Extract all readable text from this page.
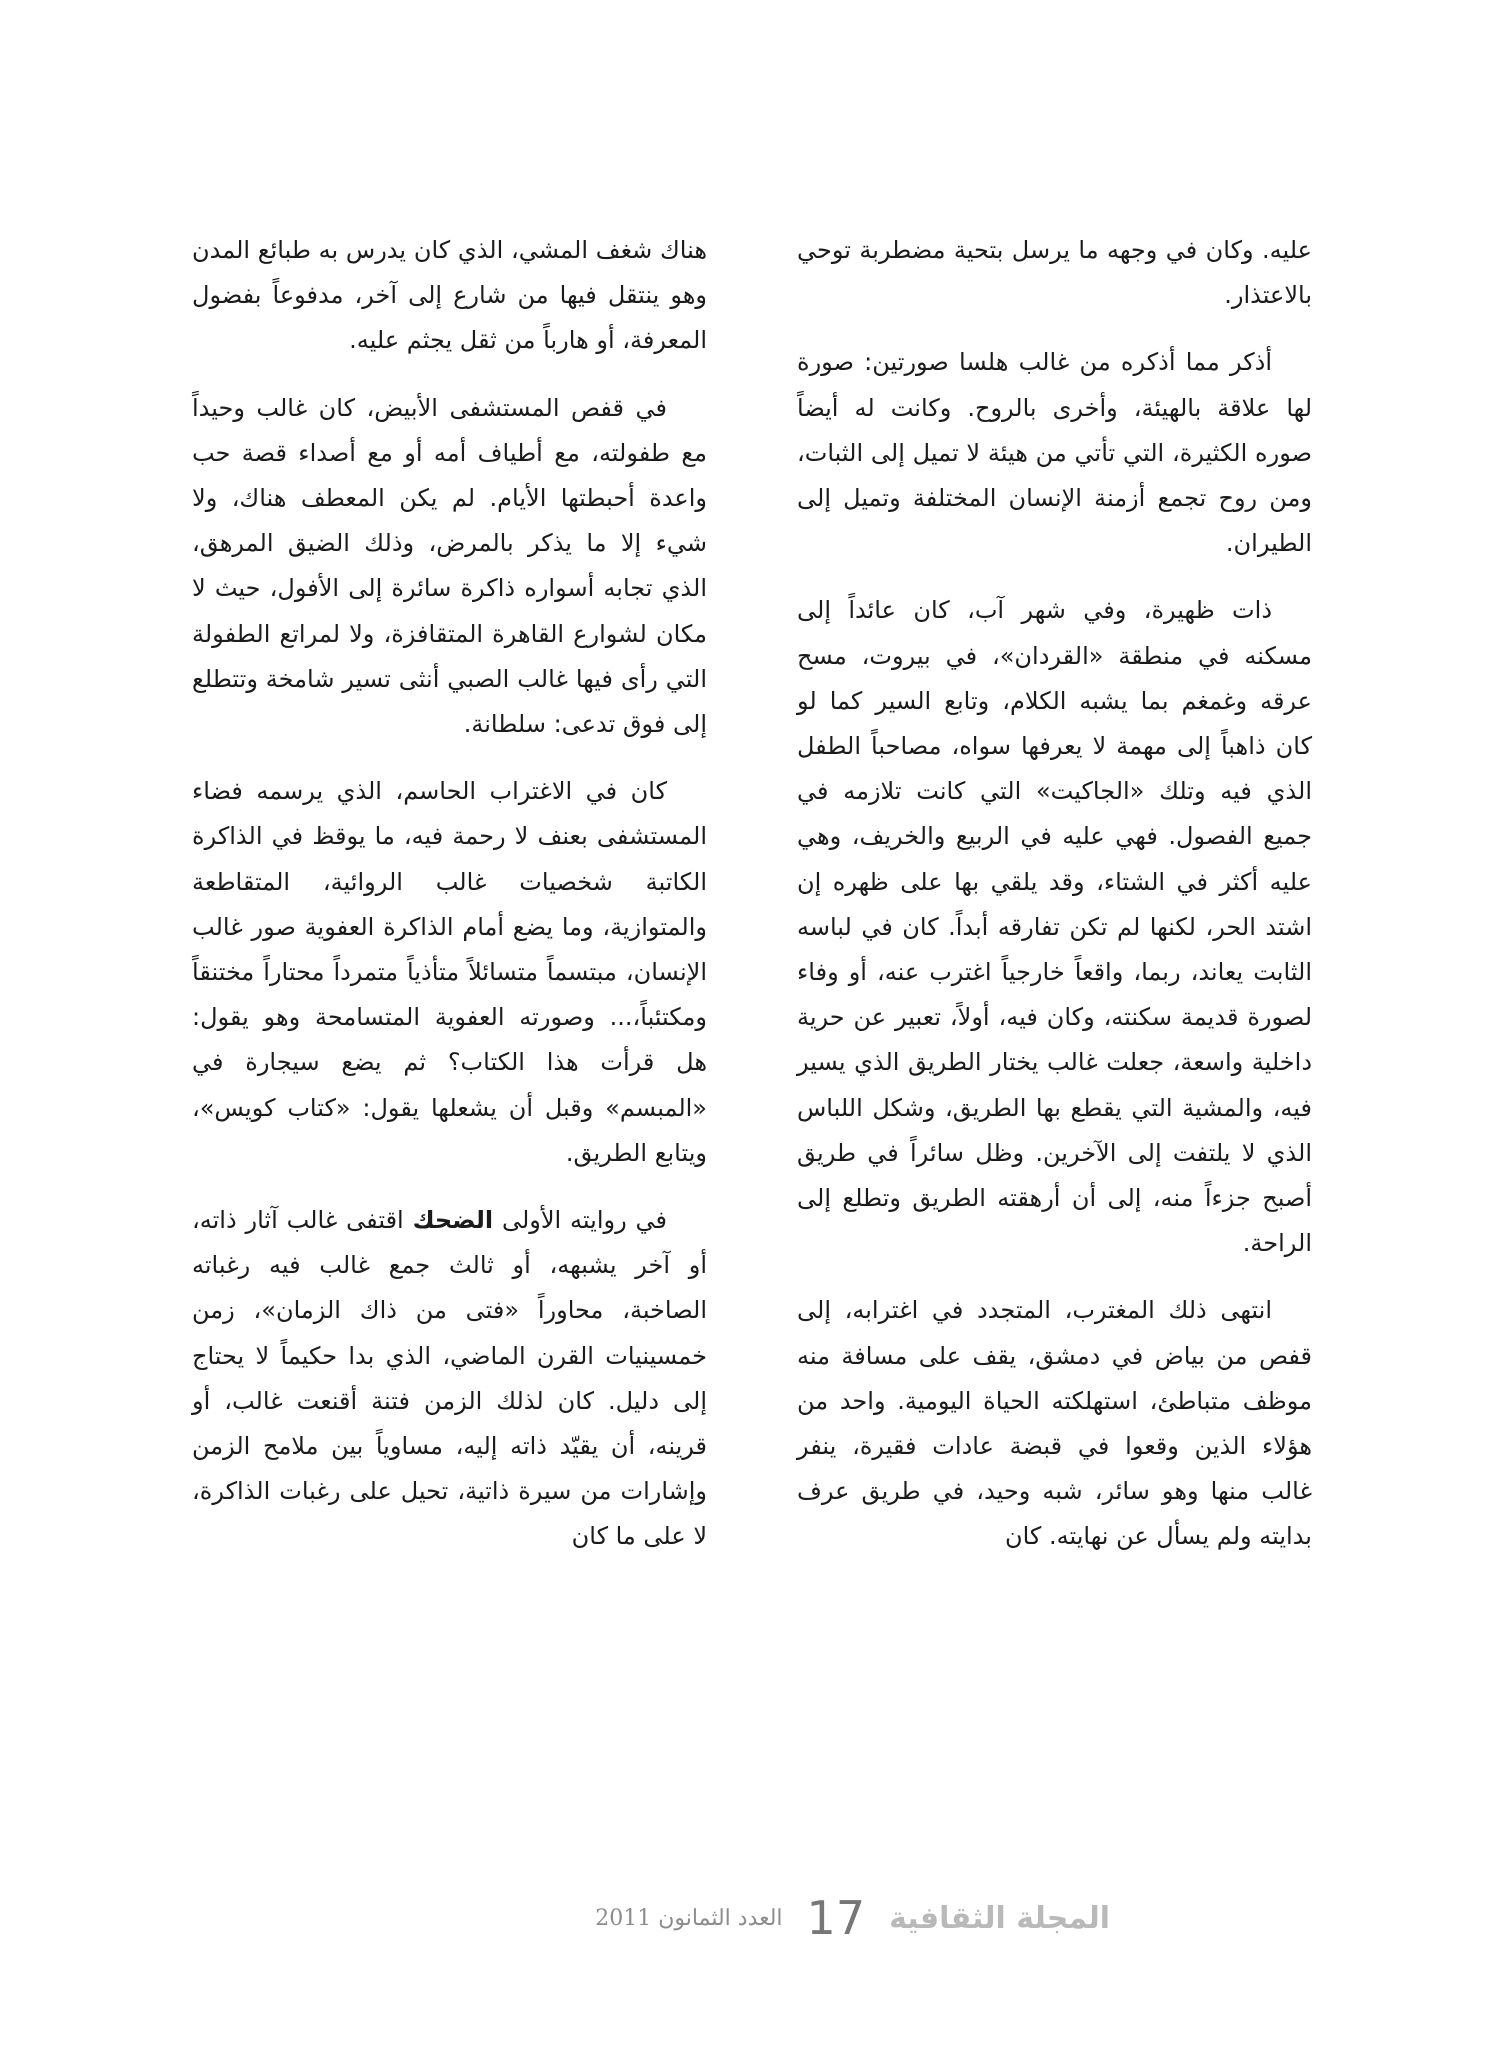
عليه. وكان في وجهه ما يرسل بتحية مضطربة توحي بالاعتذار.

أذكر مما أذكره من غالب هلسا صورتين: صورة لها علاقة بالهيئة، وأخرى بالروح. وكانت له أيضاً صوره الكثيرة، التي تأتي من هيئة لا تميل إلى الثبات، ومن روح تجمع أزمنة الإنسان المختلفة وتميل إلى الطيران.

ذات ظهيرة، وفي شهر آب، كان عائداً إلى مسكنه في منطقة «القردان»، في بيروت، مسح عرقه وغمغم بما يشبه الكلام، وتابع السير كما لو كان ذاهباً إلى مهمة لا يعرفها سواه، مصاحباً الطفل الذي فيه وتلك «الجاكيت» التي كانت تلازمه في جميع الفصول. فهي عليه في الربيع والخريف، وهي عليه أكثر في الشتاء، وقد يلقي بها على ظهره إن اشتد الحر، لكنها لم تكن تفارقه أبداً. كان في لباسه الثابت يعاند، ربما، واقعاً خارجياً اغترب عنه، أو وفاء لصورة قديمة سكنته، وكان فيه، أولاً، تعبير عن حرية داخلية واسعة، جعلت غالب يختار الطريق الذي يسير فيه، والمشية التي يقطع بها الطريق، وشكل اللباس الذي لا يلتفت إلى الآخرين. وظل سائراً في طريق أصبح جزءاً منه، إلى أن أرهقته الطريق وتطلع إلى الراحة.

انتهى ذلك المغترب، المتجدد في اغترابه، إلى قفص من بياض في دمشق، يقف على مسافة منه موظف متباطئ، استهلكته الحياة اليومية. واحد من هؤلاء الذين وقعوا في قبضة عادات فقيرة، ينفر غالب منها وهو سائر، شبه وحيد، في طريق عرف بدايته ولم يسأل عن نهايته. كان

هناك شغف المشي، الذي كان يدرس به طبائع المدن وهو ينتقل فيها من شارع إلى آخر، مدفوعاً بفضول المعرفة، أو هارباً من ثقل يجثم عليه.

في قفص المستشفى الأبيض، كان غالب وحيداً مع طفولته، مع أطياف أمه أو مع أصداء قصة حب واعدة أحبطتها الأيام. لم يكن المعطف هناك، ولا شيء إلا ما يذكر بالمرض، وذلك الضيق المرهق، الذي تجابه أسواره ذاكرة سائرة إلى الأفول، حيث لا مكان لشوارع القاهرة المتقافزة، ولا لمراتع الطفولة التي رأى فيها غالب الصبي أنثى تسير شامخة وتتطلع إلى فوق تدعى: سلطانة.

كان في الاغتراب الحاسم، الذي يرسمه فضاء المستشفى بعنف لا رحمة فيه، ما يوقظ في الذاكرة الكاتبة شخصيات غالب الروائية، المتقاطعة والمتوازية، وما يضع أمام الذاكرة العفوية صور غالب الإنسان، مبتسماً متسائلاً متأذياً متمرداً محتاراً مختنقاً ومكتئباً،... وصورته العفوية المتسامحة وهو يقول: هل قرأت هذا الكتاب؟ ثم يضع سيجارة في «المبسم» وقبل أن يشعلها يقول: «كتاب كويس»، ويتابع الطريق.

في روايته الأولى الضحك اقتفى غالب آثار ذاته، أو آخر يشبهه، أو ثالث جمع غالب فيه رغباته الصاخبة، محاوراً «فتى من ذاك الزمان»، زمن خمسينيات القرن الماضي، الذي بدا حكيماً لا يحتاج إلى دليل. كان لذلك الزمن فتنة أقنعت غالب، أو قرينه، أن يقيّد ذاته إليه، مساوياً بين ملامح الزمن وإشارات من سيرة ذاتية، تحيل على رغبات الذاكرة، لا على ما كان

المجلة الثقافية
17
العدد الثمانون 2011
